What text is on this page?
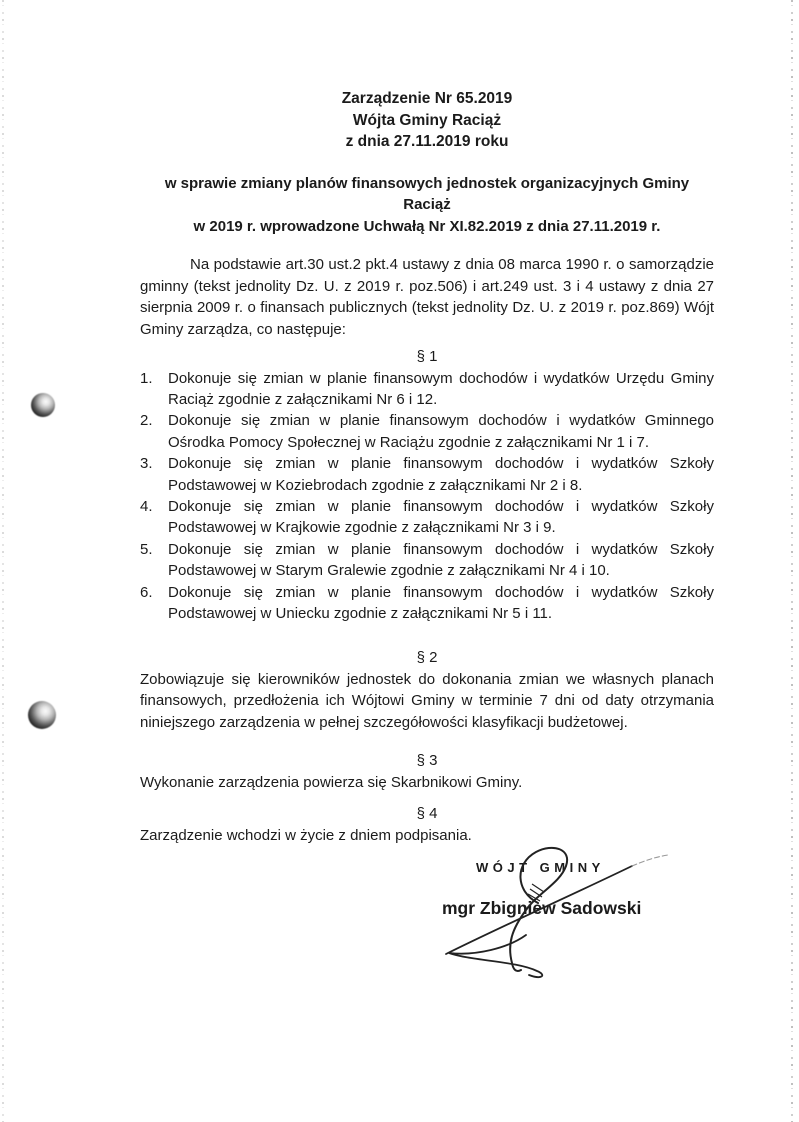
Zarządzenie Nr 65.2019
Wójta Gminy Raciąż
z dnia 27.11.2019 roku
w sprawie zmiany planów finansowych jednostek organizacyjnych Gminy Raciąż
w 2019 r. wprowadzone Uchwałą Nr XI.82.2019 z dnia 27.11.2019 r.

Na podstawie art.30 ust.2 pkt.4 ustawy z dnia 08 marca 1990 r. o samorządzie gminny (tekst jednolity Dz. U. z 2019 r. poz.506) i art.249 ust. 3 i 4 ustawy z dnia 27 sierpnia 2009 r. o finansach publicznych (tekst jednolity Dz. U. z 2019 r. poz.869) Wójt Gminy zarządza, co następuje:

§ 1
1. Dokonuje się zmian w planie finansowym dochodów i wydatków Urzędu Gminy Raciąż zgodnie z załącznikami Nr 6 i 12.
2. Dokonuje się zmian w planie finansowym dochodów i wydatków Gminnego Ośrodka Pomocy Społecznej w Raciążu zgodnie z załącznikami Nr 1 i 7.
3. Dokonuje się zmian w planie finansowym dochodów i wydatków Szkoły Podstawowej w Koziebrodach zgodnie z załącznikami Nr 2 i 8.
4. Dokonuje się zmian w planie finansowym dochodów i wydatków Szkoły Podstawowej w Krajkowie zgodnie z załącznikami Nr 3 i 9.
5. Dokonuje się zmian w planie finansowym dochodów i wydatków Szkoły Podstawowej w Starym Gralewie zgodnie z załącznikami Nr 4 i 10.
6. Dokonuje się zmian w planie finansowym dochodów i wydatków Szkoły Podstawowej w Uniecku zgodnie z załącznikami Nr 5 i 11.
§ 2

Zobowiązuje się kierowników jednostek do dokonania zmian we własnych planach finansowych, przedłożenia ich Wójtowi Gminy w terminie 7 dni od daty otrzymania niniejszego zarządzenia w pełnej szczegółowości klasyfikacji budżetowej.

§ 3

Wykonanie zarządzenia powierza się Skarbnikowi Gminy.

§ 4

Zarządzenie wchodzi w życie z dniem podpisania.

WÓJT GMINY
mgr Zbigniew Sadowski
